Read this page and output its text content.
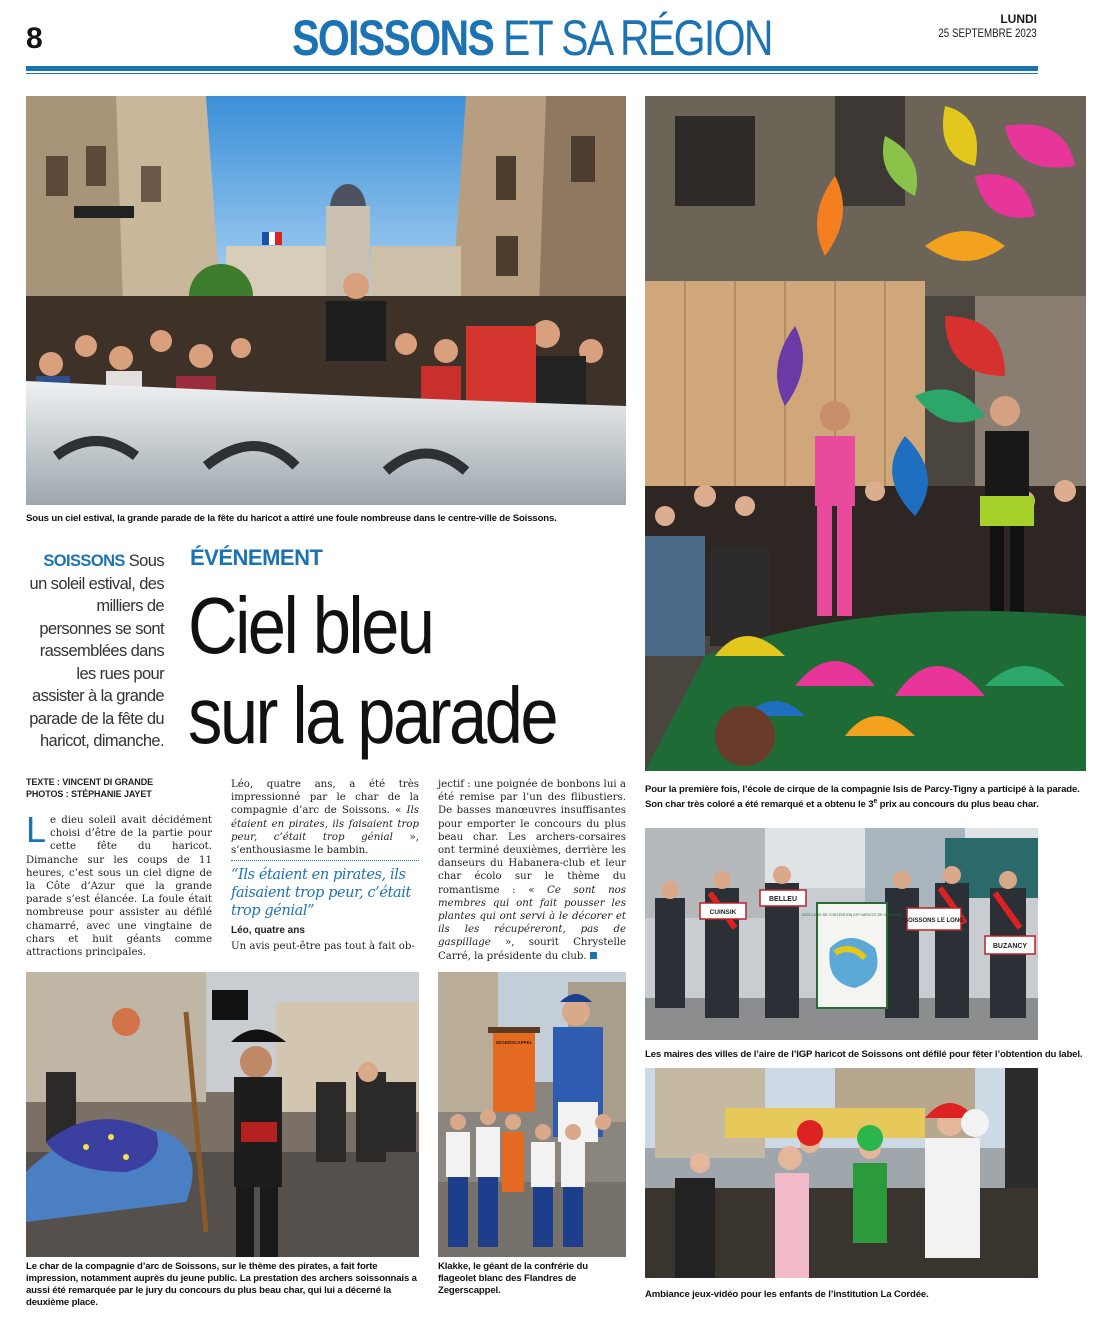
8	SOISSONS ET SA RÉGION	LUNDI
25 SEPTEMBRE 2023
Sous un ciel estival, la grande parade de la fête du haricot a attiré une foule nombreuse dans le centre-ville de Soissons.
Pour la première fois, l’école de cirque de la compagnie Isis de Parcy-Tigny a participé à la parade.
Son char très coloré a été remarqué et a obtenu le 3e prix au concours du plus beau char.
CUINSIK
BELLEU
SOISSONS LE LONG
BUZANCY
2023 L’AIRE DE L’OBTENTION IGP HARICOT DE SOISSONS
Les maires des villes de l’aire de l’IGP haricot de Soissons ont défilé pour fêter l’obtention du label.
Ambiance jeux-vidéo pour les enfants de l’institution La Cordée.
SOISSONS Sous un soleil estival, des milliers de personnes se sont rassemblées dans les rues pour assister à la grande parade de la fête du haricot, dimanche.
ÉVÉNEMENT
Ciel bleu
sur la parade
TEXTE : VINCENT DI GRANDE
PHOTOS : STÉPHANIE JAYET
L e dieu soleil avait décidément choisi d’être de la partie pour cette fête du haricot. Dimanche sur les coups de 11 heures, c’est sous un ciel digne de la Côte d’Azur que la grande parade s’est élancée. La foule était nombreuse pour assister au défilé chamarré, avec une vingtaine de chars et huit géants comme attractions principales.

Léo, quatre ans, a été très impressionné par le char de la compagnie d’arc de Soissons. « Ils étaient en pirates, ils faisaient trop peur, c’était trop génial », s’enthousiasme le bambin.

“Ils étaient en pirates, ils faisaient trop peur, c’était trop génial”
Léo, quatre ans
Un avis peut-être pas tout à fait ob-

jectif : une poignée de bonbons lui a été remise par l’un des flibustiers. De basses manœuvres insuffisantes pour emporter le concours du plus beau char. Les archers-corsaires ont terminé deuxièmes, derrière les danseurs du Habanera-club et leur char écolo sur le thème du romantisme : « Ce sont nos membres qui ont fait pousser les plantes qui ont servi à le décorer et ils les récupéreront, pas de gaspillage », sourit Chrystelle Carré, la présidente du club.

Le char de la compagnie d’arc de Soissons, sur le thème des pirates, a fait forte impression, notamment auprès du jeune public. La prestation des archers soissonnais a aussi été remarquée par le jury du concours du plus beau char, qui lui a décerné la deuxième place.
ZEGERSCAPPEL
Klakke, le géant de la confrérie du flageolet blanc des Flandres de Zegerscappel.
